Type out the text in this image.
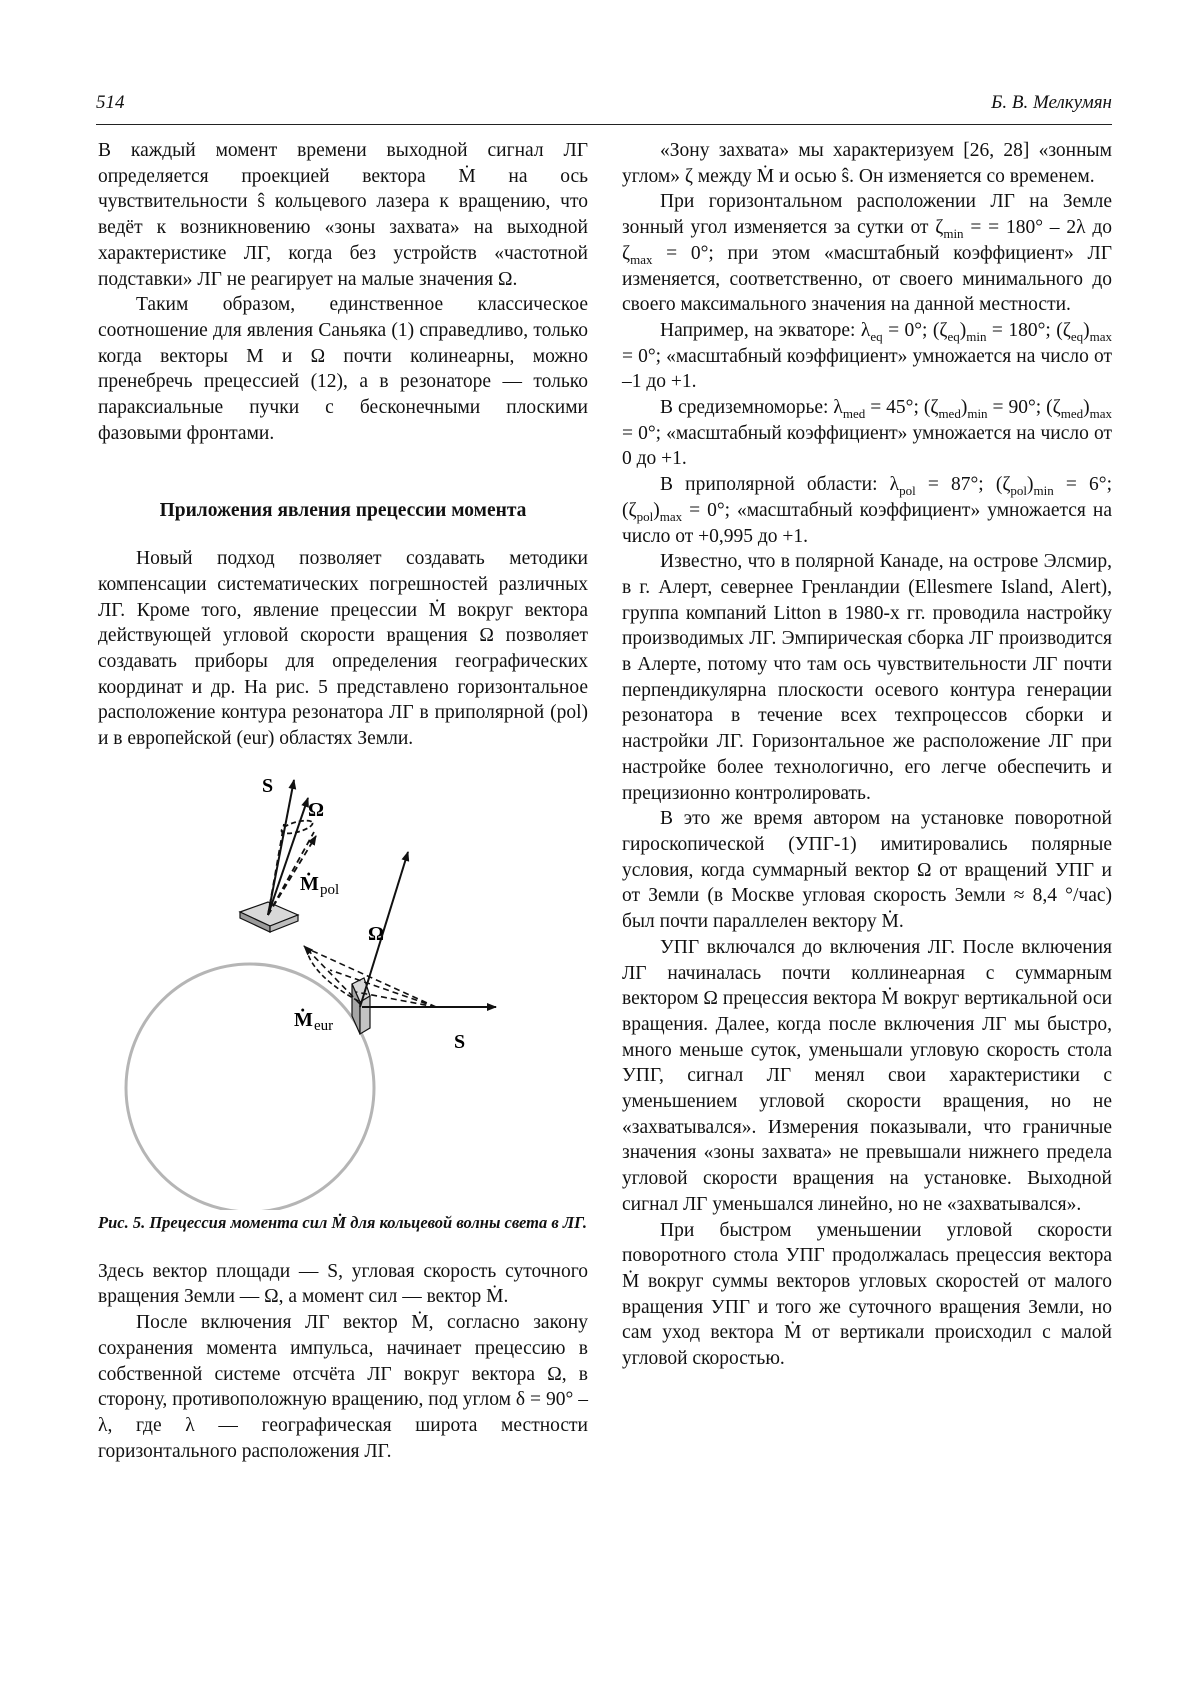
514	Б. В. Мелкумян

В каждый момент времени выходной сигнал ЛГ определяется проекцией вектора Ṁ на ось чувствительности ŝ кольцевого лазера к вращению, что ведёт к возникновению «зоны захвата» на выходной характеристике ЛГ, когда без устройств «частотной подставки» ЛГ не реагирует на малые значения Ω.

Таким образом, единственное классическое соотношение для явления Саньяка (1) справедливо, только когда векторы M и Ω почти колинеарны, можно пренебречь прецессией (12), а в резонаторе — только параксиальные пучки с бесконечными плоскими фазовыми фронтами.

Приложения явления прецессии момента

Новый подход позволяет создавать методики компенсации систематических погрешностей различных ЛГ. Кроме того, явление прецессии Ṁ вокруг вектора действующей угловой скорости вращения Ω позволяет создавать приборы для определения географических координат и др. На рис. 5 представлено горизонтальное расположение контура резонатора ЛГ в приполярной (pol) и в европейской (eur) областях Земли.

S
Ω
Ṁ pol
Ω
Ṁ eur
S

Рис. 5. Прецессия момента сил Ṁ для кольцевой волны света в ЛГ.

Здесь вектор площади — S, угловая скорость суточного вращения Земли — Ω, а момент сил — вектор Ṁ.

После включения ЛГ вектор Ṁ, согласно закону сохранения момента импульса, начинает прецессию в собственной системе отсчёта ЛГ вокруг вектора Ω, в сторону, противоположную вращению, под углом δ = 90° – λ, где λ — географическая широта местности горизонтального расположения ЛГ.

«Зону захвата» мы характеризуем [26, 28] «зонным углом» ζ между Ṁ и осью ŝ. Он изменяется со временем.

При горизонтальном расположении ЛГ на Земле зонный угол изменяется за сутки от $\zeta_{min}$ = = 180° – 2λ до $\zeta_{max} = 0^\circ$; при этом «масштабный коэффициент» ЛГ изменяется, соответственно, от своего минимального до своего максимального значения на данной местности.

Например, на экваторе: $\lambda_{eq} = 0^\circ$; $(\zeta_{eq})_{min} = 180^\circ$; $(\zeta_{eq})_{max} = 0^\circ$; «масштабный коэффициент» умножается на число от –1 до +1.

В средиземноморье: $\lambda_{med} = 45^\circ$; $(\zeta_{med})_{min} = 90^\circ$; $(\zeta_{med})_{max} = 0^\circ$; «масштабный коэффициент» умножается на число от 0 до +1.

В приполярной области: $\lambda_{pol} = 87^\circ$; $(\zeta_{pol})_{min} = 6^\circ$; $(\zeta_{pol})_{max} = 0^\circ$; «масштабный коэффициент» умножается на число от +0,995 до +1.

Известно, что в полярной Канаде, на острове Элсмир, в г. Алерт, севернее Гренландии (Ellesmere Island, Alert), группа компаний Litton в 1980-х гг. проводила настройку производимых ЛГ. Эмпирическая сборка ЛГ производится в Алерте, потому что там ось чувствительности ЛГ почти перпендикулярна плоскости осевого контура генерации резонатора в течение всех техпроцессов сборки и настройки ЛГ. Горизонтальное же расположение ЛГ при настройке более технологично, его легче обеспечить и прецизионно контролировать.

В это же время автором на установке поворотной гироскопической (УПГ-1) имитировались полярные условия, когда суммарный вектор Ω от вращений УПГ и от Земли (в Москве угловая скорость Земли ≈ 8,4 °/час) был почти параллелен вектору Ṁ.

УПГ включался до включения ЛГ. После включения ЛГ начиналась почти коллинеарная с суммарным вектором Ω прецессия вектора Ṁ вокруг вертикальной оси вращения. Далее, когда после включения ЛГ мы быстро, много меньше суток, уменьшали угловую скорость стола УПГ, сигнал ЛГ менял свои характеристики с уменьшением угловой скорости вращения, но не «захватывался». Измерения показывали, что граничные значения «зоны захвата» не превышали нижнего предела угловой скорости вращения на установке. Выходной сигнал ЛГ уменьшался линейно, но не «захватывался».

При быстром уменьшении угловой скорости поворотного стола УПГ продолжалась прецессия вектора Ṁ вокруг суммы векторов угловых скоростей от малого вращения УПГ и того же суточного вращения Земли, но сам уход вектора Ṁ от вертикали происходил с малой угловой скоростью.
